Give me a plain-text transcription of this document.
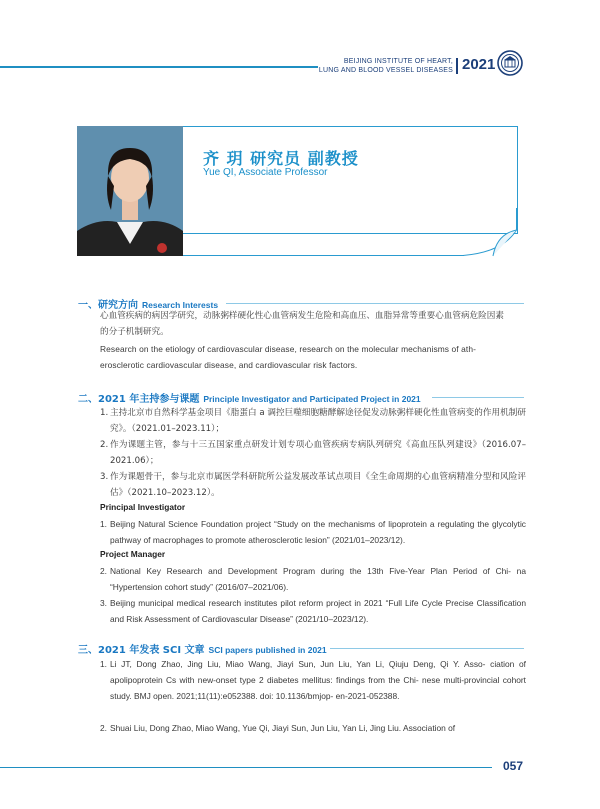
BEIJING INSTITUTE OF HEART,
LUNG AND BLOOD VESSEL DISEASES 2021
齐 玥 研究员 副教授
Yue QI, Associate Professor
一、研究方向 Research Interests
心血管疾病的病因学研究，动脉粥样硬化性心血管病发生危险和高血压、血脂异常等重要心血管病危险因素
的分子机制研究。
Research on the etiology of cardiovascular disease, research on the molecular mechanisms of ath-
erosclerotic cardiovascular disease, and cardiovascular risk factors.
二、2021 年主持参与课题 Principle Investigator and Participated Project in 2021
1. 主持北京市自然科学基金项目《脂蛋白 a 调控巨噬细胞糖酵解途径促发动脉粥样硬化性血管病变的作用机制研究》。（2021.01–2023.11）；
2. 作为课题主管，参与十三五国家重点研发计划专项心血管疾病专病队列研究《高血压队列建设》（2016.07–2021.06）；
3. 作为课题骨干，参与北京市属医学科研院所公益发展改革试点项目《全生命周期的心血管病精准分型和风险评估》（2021.10–2023.12）。
Principal Investigator
1. Beijing Natural Science Foundation project “Study on the mechanisms of lipoprotein a regulating the glycolytic pathway of macrophages to promote atherosclerotic lesion” (2021/01–2023/12).
Project Manager
2. National Key Research and Development Program during the 13th Five-Year Plan Period of Chi- na “Hypertension cohort study” (2016/07–2021/06).
3. Beijing municipal medical research institutes pilot reform project in 2021 “Full Life Cycle Precise Classification and Risk Assessment of Cardiovascular Disease” (2021/10–2023/12).
三、2021 年发表 SCI 文章 SCI papers published in 2021
1. Li JT, Dong Zhao, Jing Liu, Miao Wang, Jiayi Sun, Jun Liu, Yan Li, Qiuju Deng, Qi Y. Asso- ciation of apolipoprotein Cs with new-onset type 2 diabetes mellitus: findings from the Chi- nese multi-provincial cohort study. BMJ open. 2021;11(11):e052388. doi: 10.1136/bmjop- en-2021-052388.
2. Shuai Liu, Dong Zhao, Miao Wang, Yue Qi, Jiayi Sun, Jun Liu, Yan Li, Jing Liu. Association of
057
